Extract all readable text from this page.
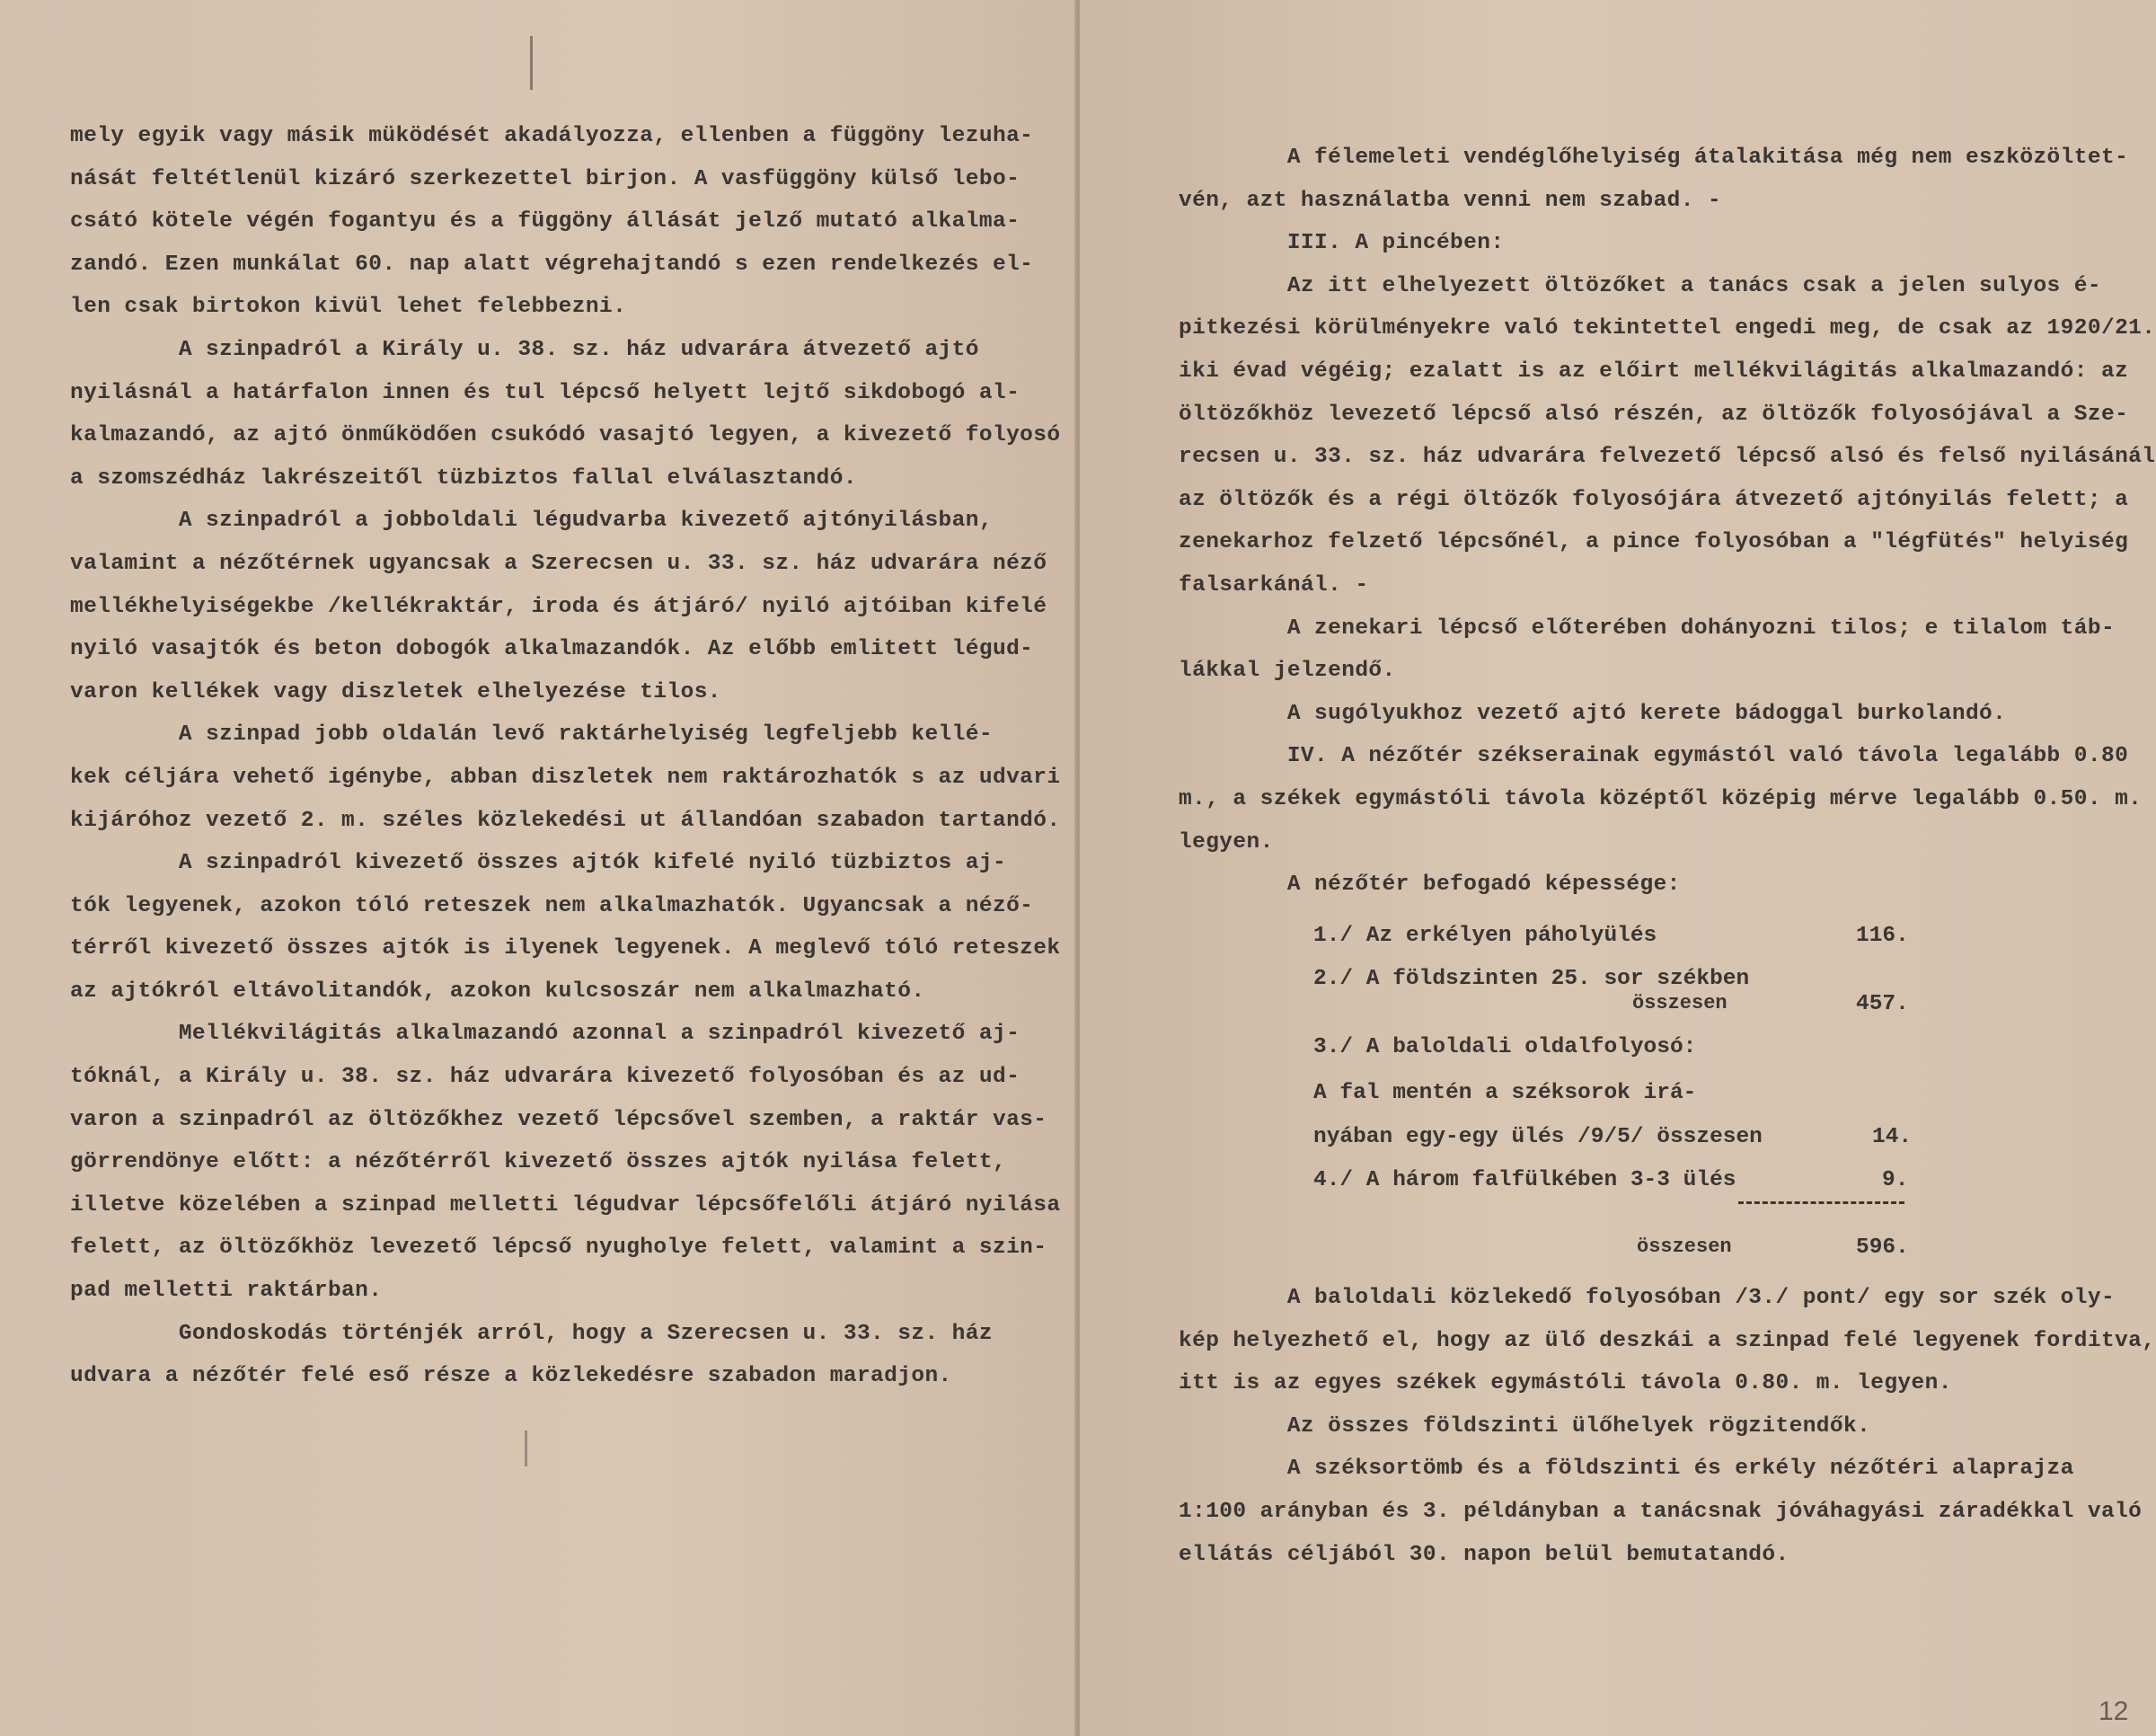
mely egyik vagy másik müködését akadályozza, ellenben a függöny lezuha-
nását feltétlenül kizáró szerkezettel birjon. A vasfüggöny külső lebo-
csátó kötele végén fogantyu és a függöny állását jelző mutató alkalma-
zandó. Ezen munkálat 60. nap alatt végrehajtandó s ezen rendelkezés el-
len csak birtokon kivül lehet felebbezni.
A szinpadról a Király u. 38. sz. ház udvarára átvezető ajtó
nyilásnál a határfalon innen és tul lépcső helyett lejtő sikdobogó al-
kalmazandó, az ajtó önműködően csukódó vasajtó legyen, a kivezető folyosó
a szomszédház lakrészeitől tüzbiztos fallal elválasztandó.
A szinpadról a jobboldali légudvarba kivezető ajtónyilásban,
valamint a nézőtérnek ugyancsak a Szerecsen u. 33. sz. ház udvarára néző
mellékhelyiségekbe /kellékraktár, iroda és átjáró/ nyiló ajtóiban kifelé
nyiló vasajtók és beton dobogók alkalmazandók. Az előbb emlitett légud-
varon kellékek vagy diszletek elhelyezése tilos.
A szinpad jobb oldalán levő raktárhelyiség legfeljebb kellé-
kek céljára vehető igénybe, abban diszletek nem raktározhatók s az udvari
kijáróhoz vezető 2. m. széles közlekedési ut állandóan szabadon tartandó.
A szinpadról kivezető összes ajtók kifelé nyiló tüzbiztos aj-
tók legyenek, azokon tóló reteszek nem alkalmazhatók. Ugyancsak a néző-
térről kivezető összes ajtók is ilyenek legyenek. A meglevő tóló reteszek
az ajtókról eltávolitandók, azokon kulcsoszár nem alkalmazható.
Mellékvilágitás alkalmazandó azonnal a szinpadról kivezető aj-
tóknál, a Király u. 38. sz. ház udvarára kivezető folyosóban és az ud-
varon a szinpadról az öltözőkhez vezető lépcsővel szemben, a raktár vas-
görrendönye előtt: a nézőtérről kivezető összes ajtók nyilása felett,
illetve közelében a szinpad melletti légudvar lépcsőfelőli átjáró nyilása
felett, az öltözőkhöz levezető lépcső nyugholye felett, valamint a szin-
pad melletti raktárban.
Gondoskodás történjék arról, hogy a Szerecsen u. 33. sz. ház
udvara a nézőtér felé eső része a közlekedésre szabadon maradjon.
A félemeleti vendéglőhelyiség átalakitása még nem eszközöltet-
vén, azt használatba venni nem szabad. -
III. A pincében:
Az itt elhelyezett öltözőket a tanács csak a jelen sulyos é-
pitkezési körülményekre való tekintettel engedi meg, de csak az 1920/21.
iki évad végéig; ezalatt is az előirt mellékvilágitás alkalmazandó: az
öltözőkhöz levezető lépcső alsó részén, az öltözők folyosójával a Sze-
recsen u. 33. sz. ház udvarára felvezető lépcső alsó és felső nyilásánál
az öltözők és a régi öltözők folyosójára átvezető ajtónyilás felett; a
zenekarhoz felzető lépcsőnél, a pince folyosóban a "légfütés" helyiség
falsarkánál. -
A zenekari lépcső előterében dohányozni tilos; e tilalom táb-
lákkal jelzendő.
A sugólyukhoz vezető ajtó kerete bádoggal burkolandó.
IV. A nézőtér székserainak egymástól való távola legalább 0.80
m., a székek egymástóli távola középtől középig mérve legalább 0.50. m.
legyen.
A nézőtér befogadó képessége:
1./ Az erkélyen páholyülés	116.
2./ A földszinten 25. sor székben
összesen	457.
3./ A baloldali oldalfolyosó:
A fal mentén a széksorok irá-
nyában egy-egy ülés /9/5/ összesen	14.
4./ A három falfülkében 3-3 ülés	9.
összesen	596.
A baloldali közlekedő folyosóban /3./ pont/ egy sor szék oly-
kép helyezhető el, hogy az ülő deszkái a szinpad felé legyenek forditva,
itt is az egyes székek egymástóli távola 0.80. m. legyen.
Az összes földszinti ülőhelyek rögzitendők.
A széksortömb és a földszinti és erkély nézőtéri alaprajza
1:100 arányban és 3. példányban a tanácsnak jóváhagyási záradékkal való
ellátás céljából 30. napon belül bemutatandó.
12
